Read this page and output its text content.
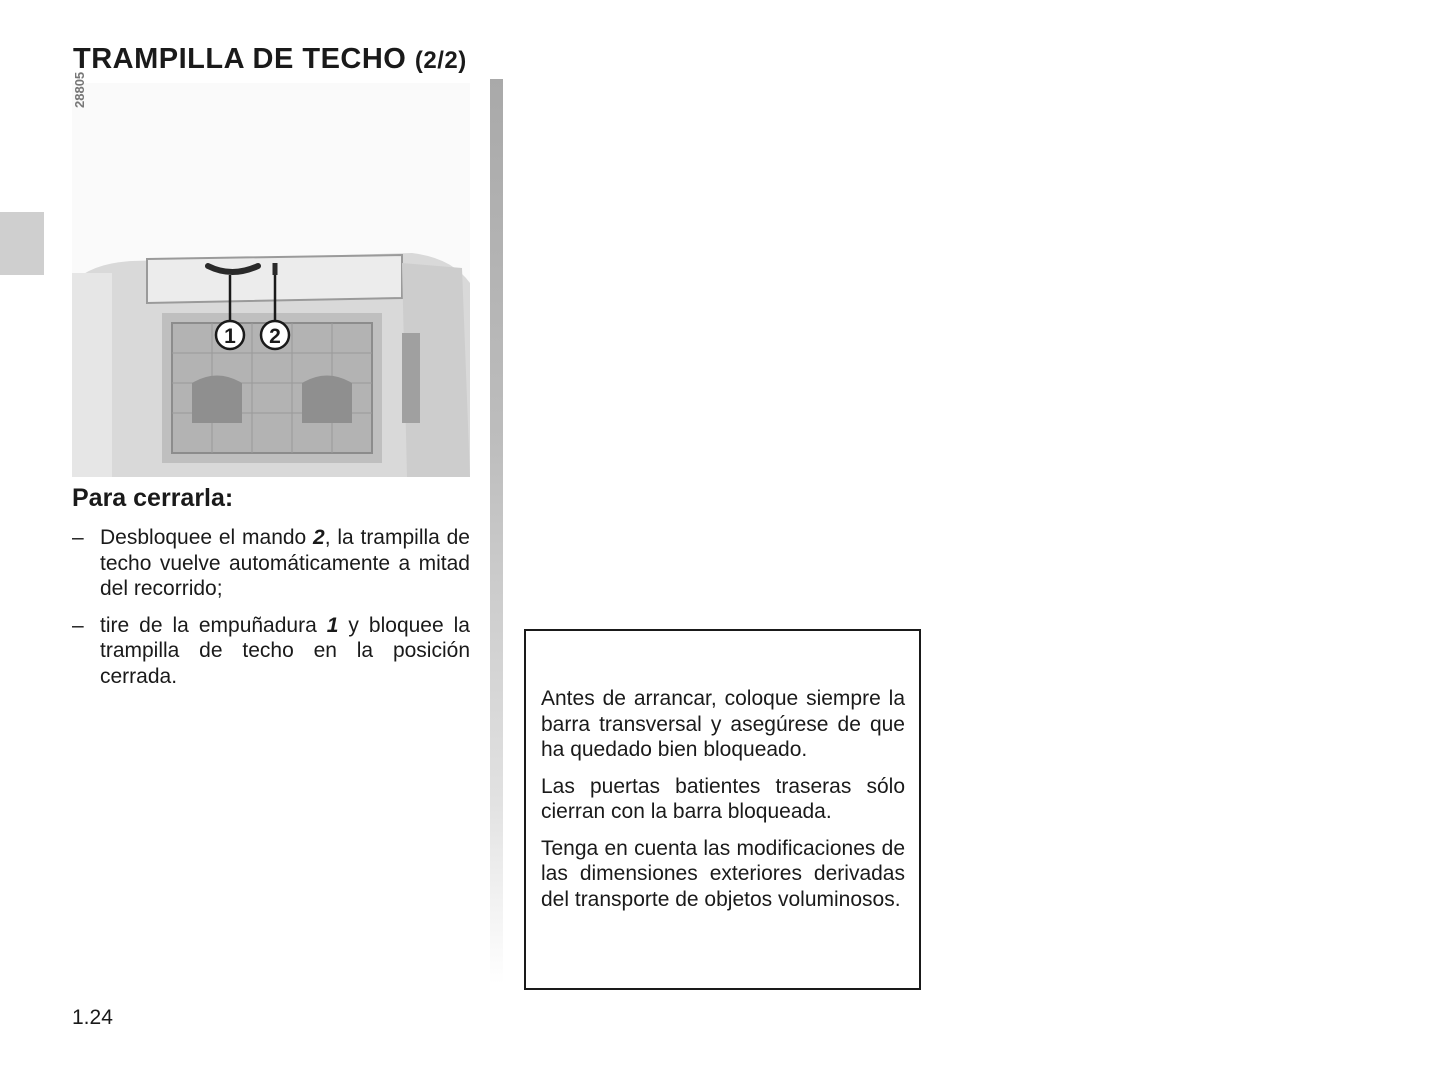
TRAMPILLA DE TECHO (2/2)
1 2
28805
Para cerrarla:
– Desbloquee el mando 2, la trampilla de techo vuelve automáticamente a mitad del recorrido;
– tire de la empuñadura 1 y bloquee la trampilla de techo en la posición cerrada.

Antes de arrancar, coloque siempre la barra transversal y asegúrese de que ha quedado bien bloqueado.

Las puertas batientes traseras sólo cierran con la barra bloqueada.

Tenga en cuenta las modificaciones de las dimensiones exteriores derivadas del transporte de objetos voluminosos.

1.24
